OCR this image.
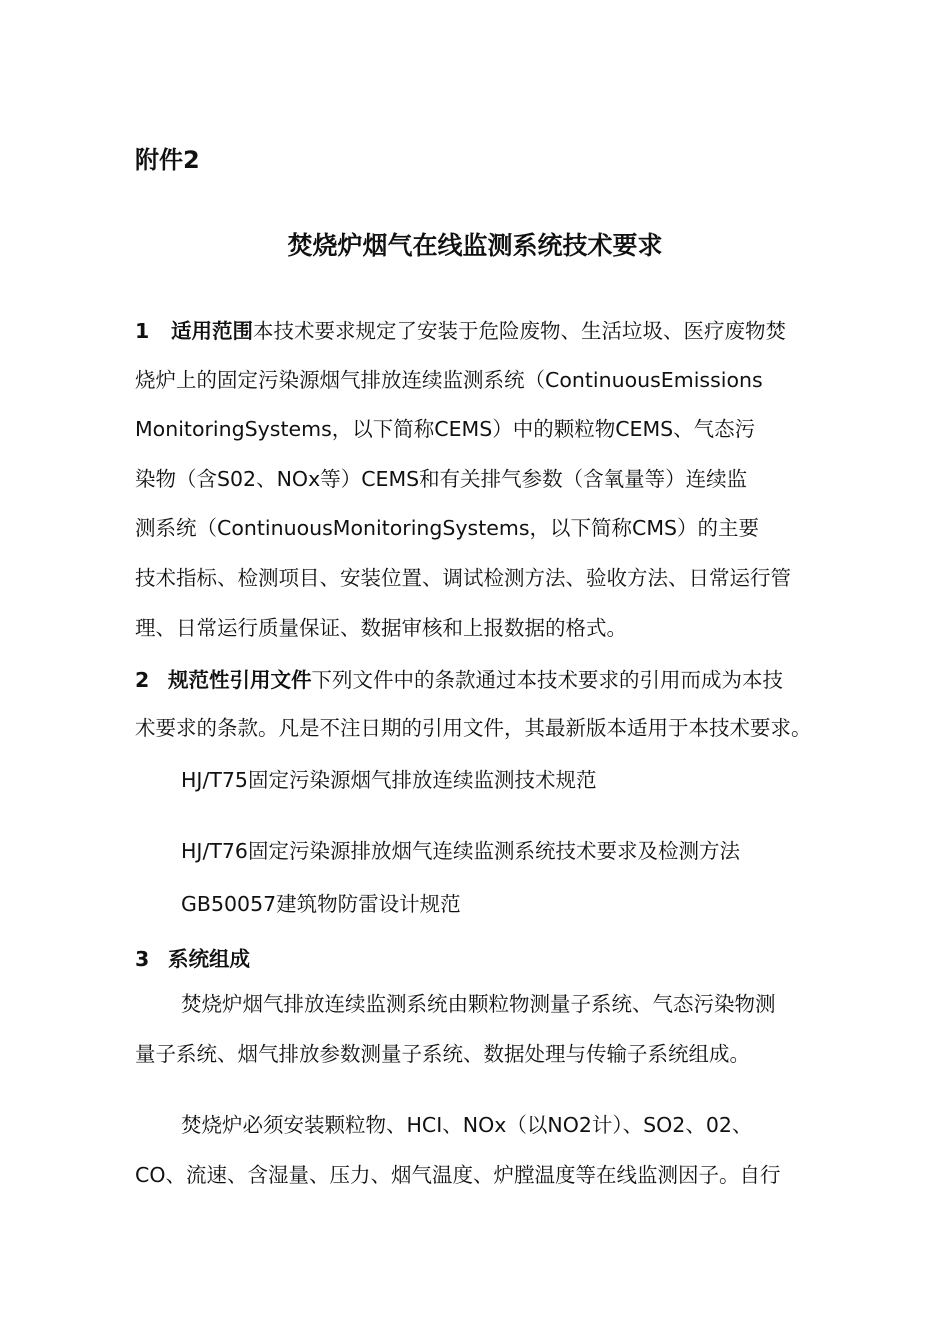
附件2
焚烧炉烟气在线监测系统技术要求
1 适用范围本技术要求规定了安装于危险废物、生活垃圾、医疗废物焚
烧炉上的固定污染源烟气排放连续监测系统（ContinuousEmissions
MonitoringSystems，以下简称CEMS）中的颗粒物CEMS、气态污
染物（含S02、NOx等）CEMS和有关排气参数（含氧量等）连续监
测系统（ContinuousMonitoringSystems，以下简称CMS）的主要
技术指标、检测项目、安装位置、调试检测方法、验收方法、日常运行管
理、日常运行质量保证、数据审核和上报数据的格式。
2 规范性引用文件下列文件中的条款通过本技术要求的引用而成为本技
术要求的条款。凡是不注日期的引用文件，其最新版本适用于本技术要求。
HJ/T75固定污染源烟气排放连续监测技术规范
HJ/T76固定污染源排放烟气连续监测系统技术要求及检测方法
GB50057建筑物防雷设计规范
3 系统组成
焚烧炉烟气排放连续监测系统由颗粒物测量子系统、气态污染物测
量子系统、烟气排放参数测量子系统、数据处理与传输子系统组成。
焚烧炉必须安装颗粒物、HCI、NOx（以NO2计）、SO2、02、
CO、流速、含湿量、压力、烟气温度、炉膛温度等在线监测因子。自行
